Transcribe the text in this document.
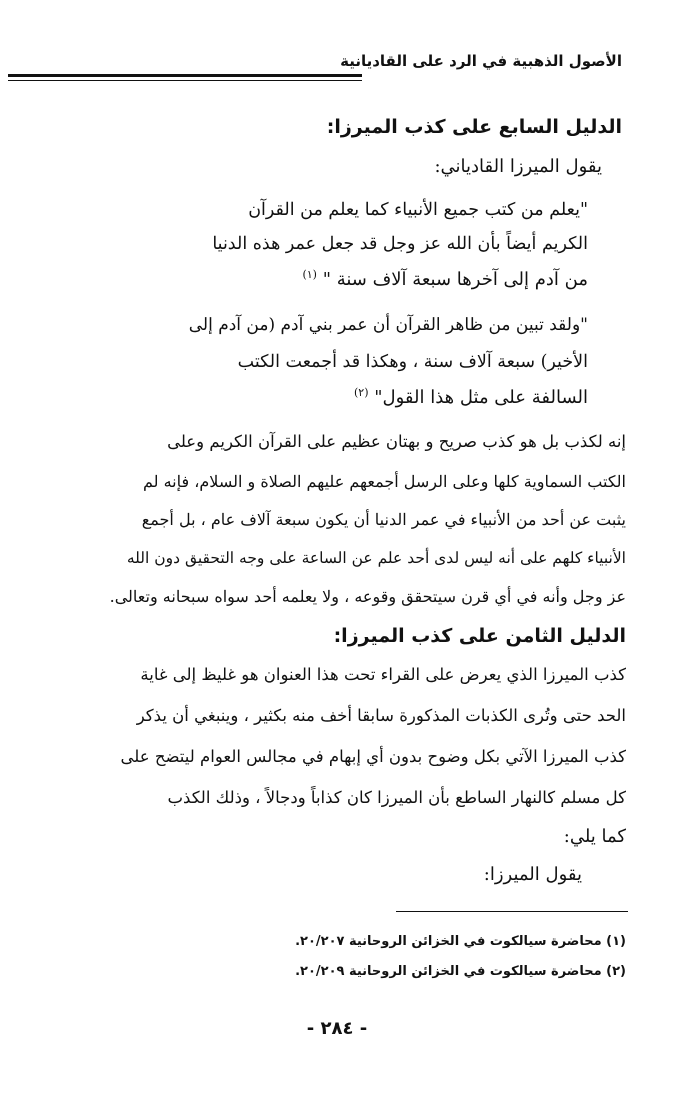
الأصول الذهبية في الرد على القاديانية
الدليل السابع على كذب الميرزا:
يقول الميرزا القادياني:
"يعلم من كتب جميع الأنبياء كما يعلم من القرآن
الكريم أيضاً بأن الله عز وجل قد جعل عمر هذه الدنيا
من آدم إلى آخرها سبعة آلاف سنة " $^{(١)}$
"ولقد تبين من ظاهر القرآن أن عمر بني آدم (من آدم إلى
الأخير) سبعة آلاف سنة ، وهكذا قد أجمعت الكتب
السالفة على مثل هذا القول" $^{(٢)}$
إنه لكذب بل هو كذب صريح و بهتان عظيم على القرآن الكريم وعلى
الكتب السماوية كلها وعلى الرسل أجمعهم عليهم الصلاة و السلام، فإنه لم
يثبت عن أحد من الأنبياء في عمر الدنيا أن يكون سبعة آلاف عام ، بل أجمع
الأنبياء كلهم على أنه ليس لدى أحد علم عن الساعة على وجه التحقيق دون الله
عز وجل وأنه في أي قرن سيتحقق وقوعه ، ولا يعلمه أحد سواه سبحانه وتعالى.
الدليل الثامن على كذب الميرزا:
كذب الميرزا الذي يعرض على القراء تحت هذا العنوان هو غليظ إلى غاية
الحد حتى وتُرى الكذبات المذكورة سابقا أخف منه بكثير ، وينبغي أن يذكر
كذب الميرزا الآتي بكل وضوح بدون أي إبهام في مجالس العوام ليتضح على
كل مسلم كالنهار الساطع بأن الميرزا كان كذاباً ودجالاً ، وذلك الكذب
كما يلي:
يقول الميرزا:
(١) محاضرة سيالكوت في الخزائن الروحانية ٢٠/٢٠٧.
(٢) محاضرة سيالكوت في الخزائن الروحانية ٢٠/٢٠٩.
- ٢٨٤ -
